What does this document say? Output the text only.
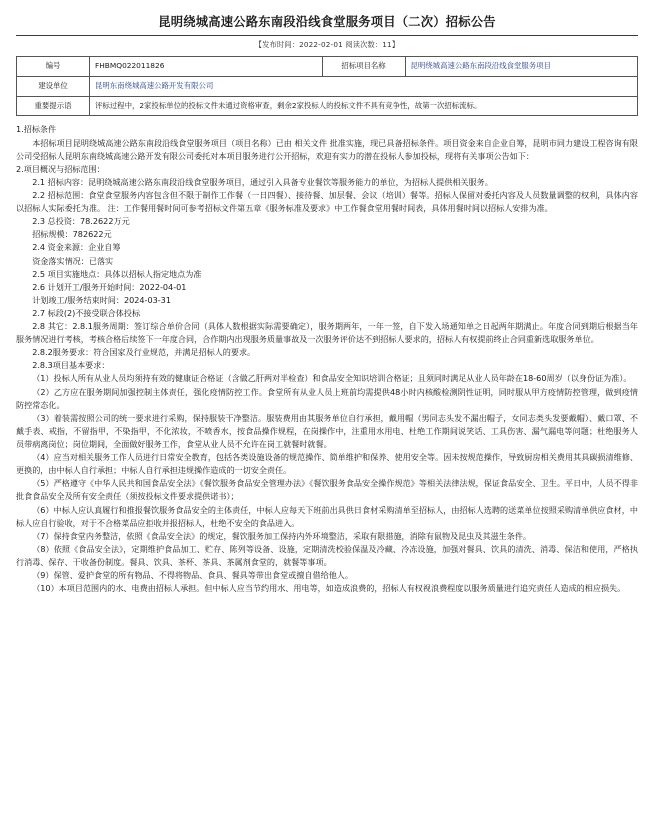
昆明绕城高速公路东南段沿线食堂服务项目（二次）招标公告
【发布时间：2022-02-01 阅读次数：11】
编号	FHBMQ022011826	招标项目名称	昆明绕城高速公路东南段沿线食堂服务项目
建设单位	昆明东南绕城高速公路开发有限公司		
重要提示语	评标过程中，2家投标单位的投标文件未通过资格审查，剩余2家投标人的投标文件不具有竞争性，故第一次招标流标。		

1.招标条件

本招标项目昆明绕城高速公路东南段沿线食堂服务项目（项目名称）已由 相关文件 批准实施，现已具备招标条件。项目资金来自企业自筹，昆明市同力建设工程咨询有限公司受招标人昆明东南绕城高速公路开发有限公司委托对本项目服务进行公开招标，欢迎有实力的潜在投标人参加投标，现将有关事项公告如下：

2.项目概况与招标范围：

2.1 招标内容：昆明绕城高速公路东南段沿线食堂服务项目，通过引入具备专业餐饮等服务能力的单位，为招标人提供相关服务。

2.2 招标范围：食堂食堂服务内容包含但不限于制作工作餐（一日四餐）、接待餐、加层餐、会议（培训）餐等。招标人保留对委托内容及人员数量调整的权利，具体内容以招标人实际委托为准。 注：工作餐用餐时间可参考招标文件第五章《服务标准及要求》中工作餐食堂用餐时间表，具体用餐时间以招标人安排为准。

2.3 总投资：78.2622万元

招标规模：782622元

2.4 资金来源：企业自筹

资金落实情况：已落实

2.5 项目实施地点：具体以招标人指定地点为准

2.6 计划开工/服务开始时间：2022-04-01

计划竣工/服务结束时间：2024-03-31

2.7 标段(2)不接受联合体投标

2.8 其它：2.8.1服务周期：签订综合单价合同（具体人数根据实际需要确定），服务期两年，一年一签，自下发入场通知单之日起两年期满止。年度合同到期后根据当年服务情况进行考核，考核合格后续签下一年度合同，合作期内出现服务质量事故及一次服务评价达不到招标人要求的，招标人有权提前终止合同重新选取服务单位。

2.8.2服务要求：符合国家及行业规范，并满足招标人的要求。

2.8.3项目基本要求：

（1）投标人所有从业人员均须持有效的健康证合格证（含做乙肝两对半检查）和食品安全知识培训合格证；且须同时满足从业人员年龄在18-60周岁（以身份证为准）。

（2）乙方应在服务期间加强控制主体责任，强化疫情防控工作。食堂所有从业人员上班前均需提供48小时内核酸检测阴性证明，同时服从甲方疫情防控管理，做到疫情防控常态化。

（3）着装需按照公司的统一要求进行采购，保持服装干净整洁。服装费用由其服务单位自行承担，戴用帽（男同志头发不漏出帽子，女同志类头发要戴帽）、戴口罩、不戴手表、戒指，不留指甲，不染指甲，不化浓妆，不喷香水，按食品操作规程，在岗操作中，注重用水用电、杜绝工作期间说笑话、工具伤害、漏气漏电等问题；杜绝服务人员带病离岗位；岗位期间，全面做好服务工作，食堂从业人员不允许在岗工就餐时就餐。

（4）应当对相关服务工作人员进行日常安全教育，包括各类设施设备的规范操作、简单维护和保养、使用安全等。因未按规范操作，导致厨房相关费用其具碳损清维修、更换的，由中标人自行承担；中标人自行承担违规操作造成的一切安全责任。

（5）严格遵守《中华人民共和国食品安全法》《餐饮服务食品安全管理办法》《餐饮服务食品安全操作规范》等相关法律法规，保证食品安全、卫生。平日中，人员不得非批食食品安全及所有安全责任（须按投标文件要求提供诺书）；

（6）中标人应认真履行和推报餐饮服务食品安全的主体责任，中标人应每天下班前出具供日食材采购清单至招标人，由招标人选聘的送菜单位按照采购清单供应食材，中标人应自行验收，对于不合格菜品应拒收并报招标人，杜绝不安全的食品进入。

（7）保持食堂内务整洁，依照《食品安全法》的规定，餐饮服务加工保持内外环境整洁，采取有限措施，消除有鼠物及昆虫及其滋生条件。

（8）依照《食品安全法》，定期维护食品加工、贮存、陈列等设备、设施，定期清洗校验保温及冷藏、冷冻设施，加强对餐具、饮具的清洗、消毒、保洁和使用，严格执行消毒、保存、干收备份制度。餐具、饮具、茶杯、茶具、茶属剂食堂的，就餐等事项。

（9）保管、爱护食堂的所有物品、不得将物品、食具、餐具等带出食堂或擅自借给他人。

（10）本项目范围内的水、电费由招标人承担。但中标人应当节约用水、用电等，如造成浪费的，招标人有权视浪费程度以服务质量进行追究责任人造成的相应损失。
